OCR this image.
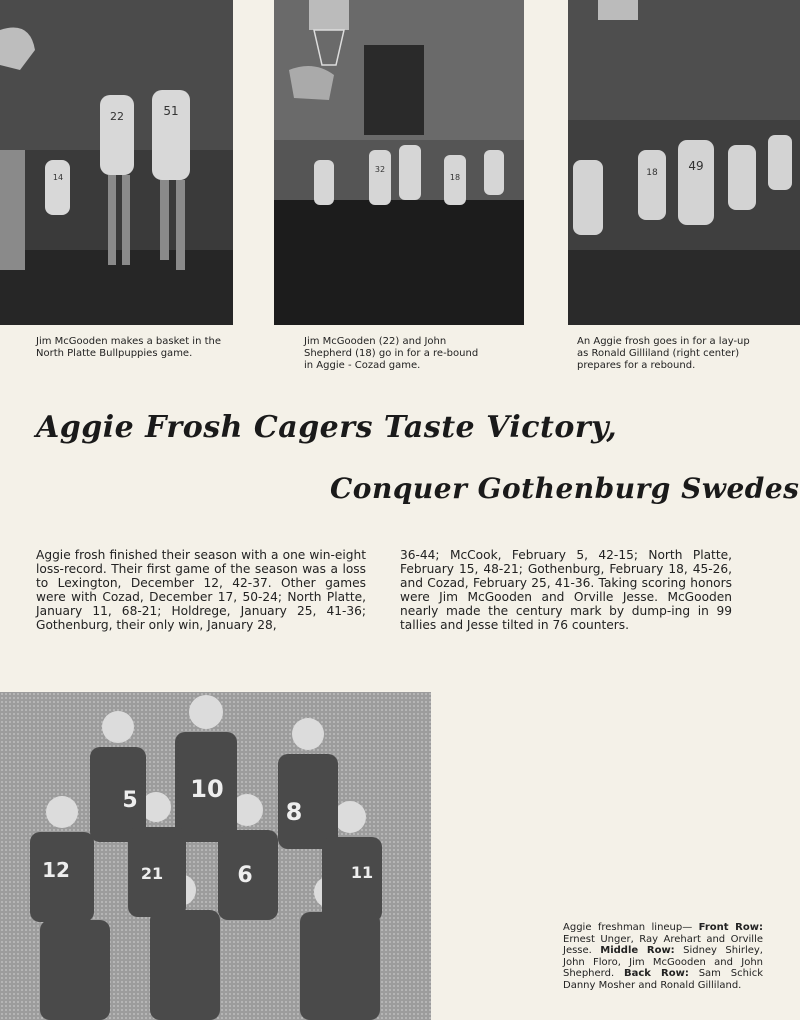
22	51
14
Jim McGooden makes a basket in the North Platte Bullpuppies game.
18
32
Jim McGooden (22) and John Shepherd (18) go in for a re-bound in Aggie - Cozad game.
18	49
An Aggie frosh goes in for a lay-up as Ronald Gilliland (right center) prepares for a rebound.
Aggie Frosh Cagers Taste Victory,
Conquer Gothenburg Swedes
Aggie frosh finished their season with a one win-eight loss-record. Their first game of the season was a loss to Lexington, December 12, 42-37. Other games were with Cozad, December 17, 50-24; North Platte, January 11, 68-21; Holdrege, January 25, 41-36; Gothenburg, their only win, January 28,
36-44; McCook, February 5, 42-15; North Platte, February 15, 48-21; Gothenburg, February 18, 45-26, and Cozad, February 25, 41-36. Taking scoring honors were Jim McGooden and Orville Jesse. McGooden nearly made the century mark by dump-ing in 99 tallies and Jesse tilted in 76 counters.
5 10
8
12	21	6	11
Aggie freshman lineup— Front Row: Ernest Unger, Ray Arehart and Orville Jesse. Middle Row: Sidney Shirley, John Floro, Jim McGooden and John Shepherd. Back Row: Sam Schick Danny Mosher and Ronald Gilliland.
